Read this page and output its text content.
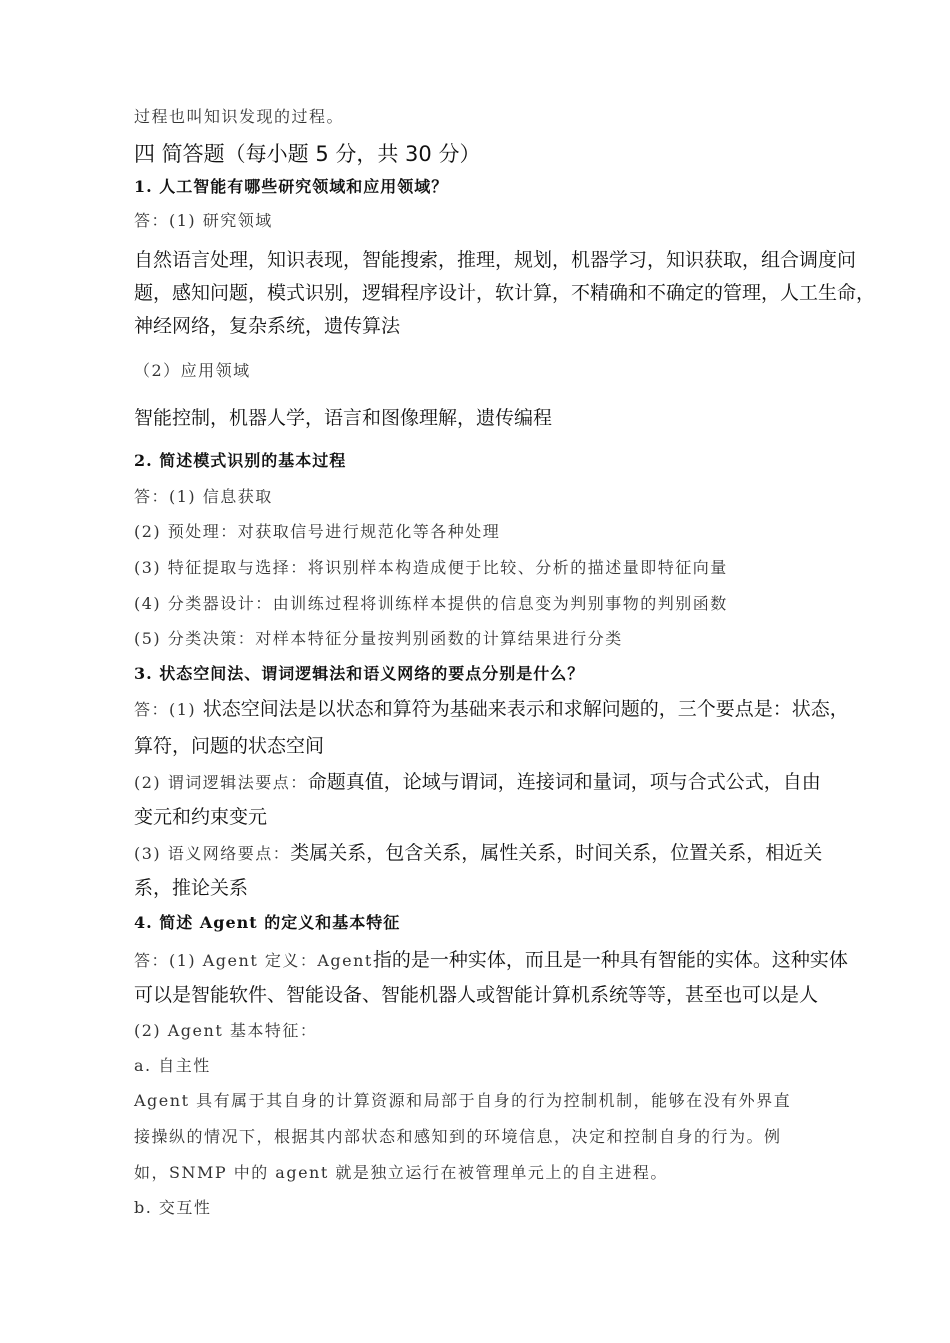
过程也叫知识发现的过程。

四 简答题（每小题 5 分，共 30 分）

1. 人工智能有哪些研究领域和应用领域？

答：(1) 研究领域

自然语言处理，知识表现，智能搜索，推理，规划，机器学习，知识获取，组合调度问

题，感知问题，模式识别，逻辑程序设计，软计算，不精确和不确定的管理，人工生命，

神经网络，复杂系统，遗传算法

（2）应用领域

智能控制，机器人学，语言和图像理解，遗传编程

2. 简述模式识别的基本过程

答：(1) 信息获取

(2) 预处理：对获取信号进行规范化等各种处理

(3) 特征提取与选择：将识别样本构造成便于比较、分析的描述量即特征向量

(4) 分类器设计：由训练过程将训练样本提供的信息变为判别事物的判别函数

(5) 分类决策：对样本特征分量按判别函数的计算结果进行分类

3. 状态空间法、谓词逻辑法和语义网络的要点分别是什么？

答：(1) 状态空间法是以状态和算符为基础来表示和求解问题的，三个要点是：状态，

算符，问题的状态空间

(2) 谓词逻辑法要点：命题真值，论域与谓词，连接词和量词，项与合式公式，自由

变元和约束变元

(3) 语义网络要点：类属关系，包含关系，属性关系，时间关系，位置关系，相近关

系，推论关系

4. 简述 Agent 的定义和基本特征

答：(1) Agent 定义：Agent指的是一种实体，而且是一种具有智能的实体。这种实体

可以是智能软件、智能设备、智能机器人或智能计算机系统等等，甚至也可以是人

(2) Agent 基本特征：

a. 自主性

Agent 具有属于其自身的计算资源和局部于自身的行为控制机制，能够在没有外界直

接操纵的情况下，根据其内部状态和感知到的环境信息，决定和控制自身的行为。例

如，SNMP 中的 agent 就是独立运行在被管理单元上的自主进程。

b. 交互性
